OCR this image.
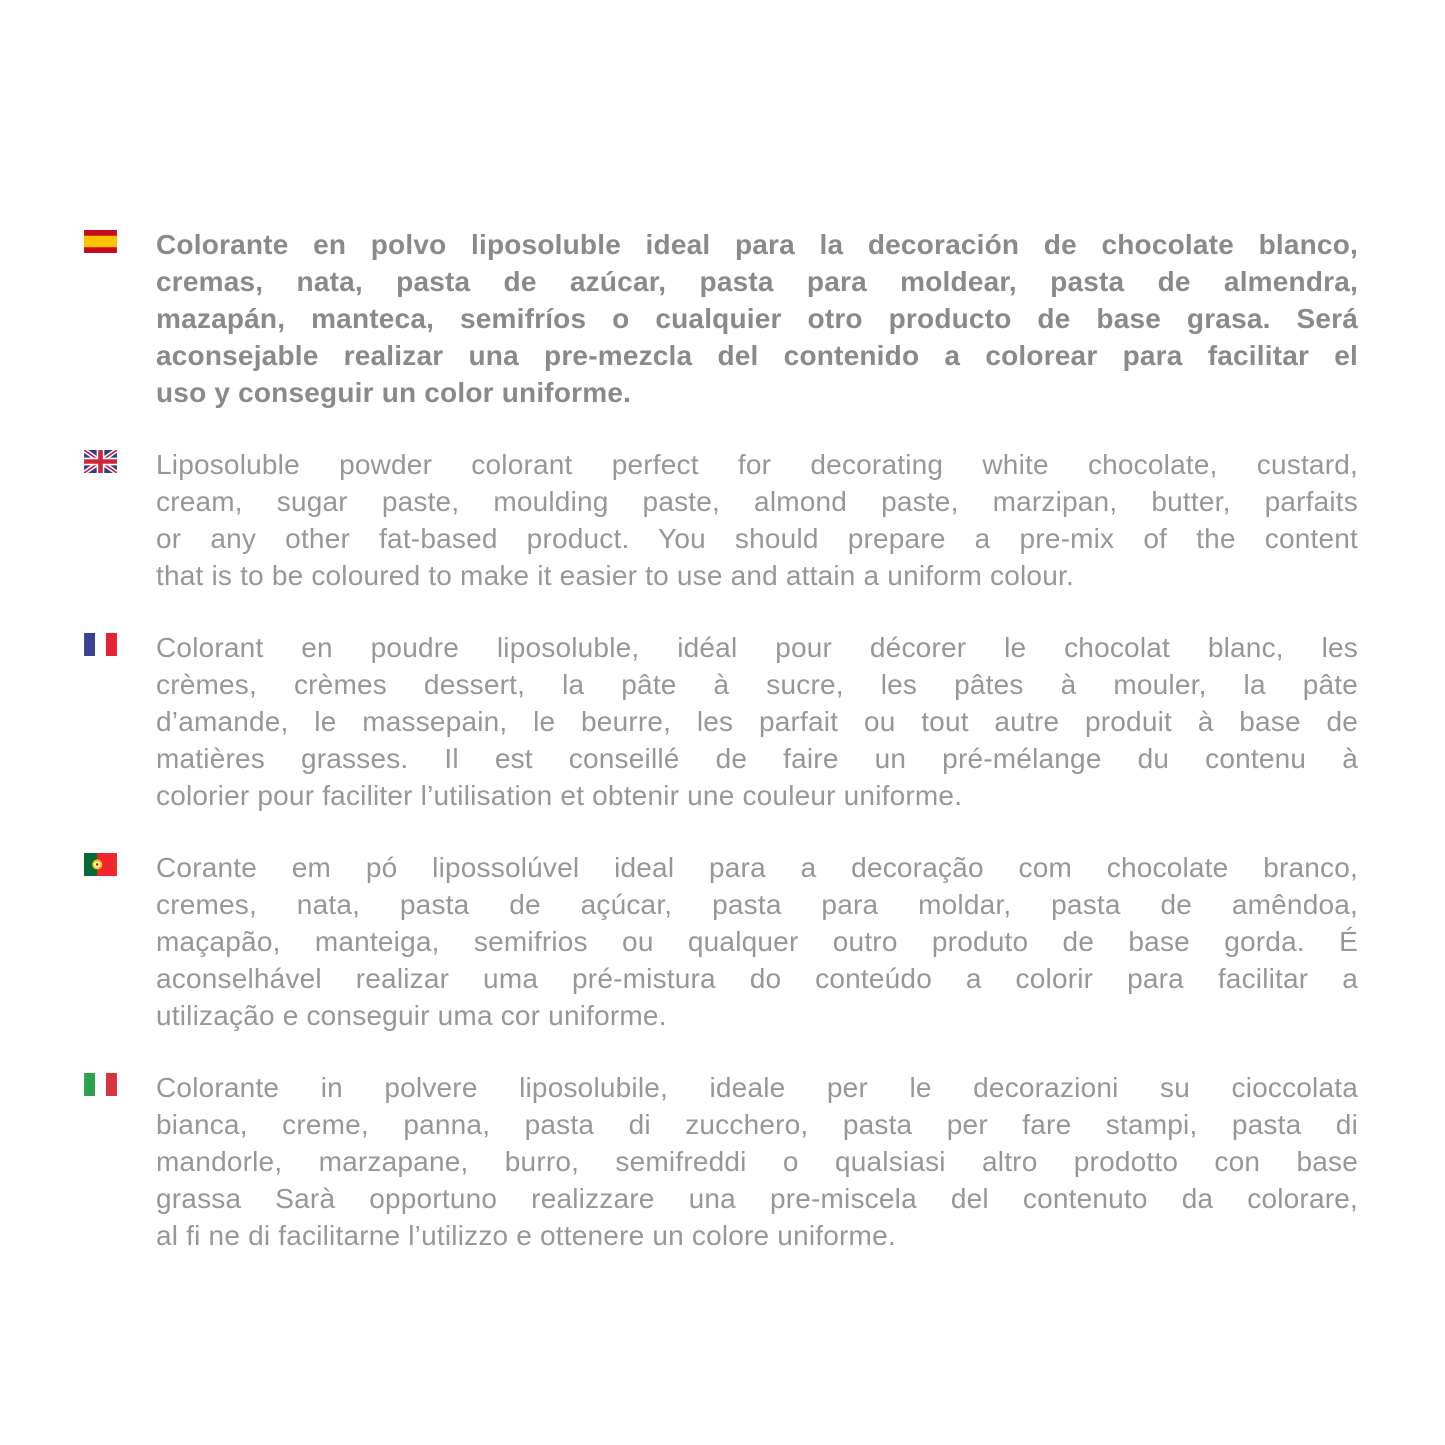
Colorante en polvo liposoluble ideal para la decoración de chocolate blanco,
cremas, nata, pasta de azúcar, pasta para moldear, pasta de almendra,
mazapán, manteca, semifríos o cualquier otro producto de base grasa. Será
aconsejable realizar una pre-mezcla del contenido a colorear para facilitar el
uso y conseguir un color uniforme.
Liposoluble powder colorant perfect for decorating white chocolate, custard,
cream, sugar paste, moulding paste, almond paste, marzipan, butter, parfaits
or any other fat-based product. You should prepare a pre-mix of the content
that is to be coloured to make it easier to use and attain a uniform colour.
Colorant en poudre liposoluble, idéal pour décorer le chocolat blanc, les
crèmes, crèmes dessert, la pâte à sucre, les pâtes à mouler, la pâte
d’amande, le massepain, le beurre, les parfait ou tout autre produit à base de
matières grasses. Il est conseillé de faire un pré-mélange du contenu à
colorier pour faciliter l’utilisation et obtenir une couleur uniforme.
Corante em pó lipossolúvel ideal para a decoração com chocolate branco,
cremes, nata, pasta de açúcar, pasta para moldar, pasta de amêndoa,
maçapão, manteiga, semifrios ou qualquer outro produto de base gorda. É
aconselhável realizar uma pré-mistura do conteúdo a colorir para facilitar a
utilização e conseguir uma cor uniforme.
Colorante in polvere liposolubile, ideale per le decorazioni su cioccolata
bianca, creme, panna, pasta di zucchero, pasta per fare stampi, pasta di
mandorle, marzapane, burro, semifreddi o qualsiasi altro prodotto con base
grassa Sarà opportuno realizzare una pre-miscela del contenuto da colorare,
al fi ne di facilitarne l’utilizzo e ottenere un colore uniforme.
